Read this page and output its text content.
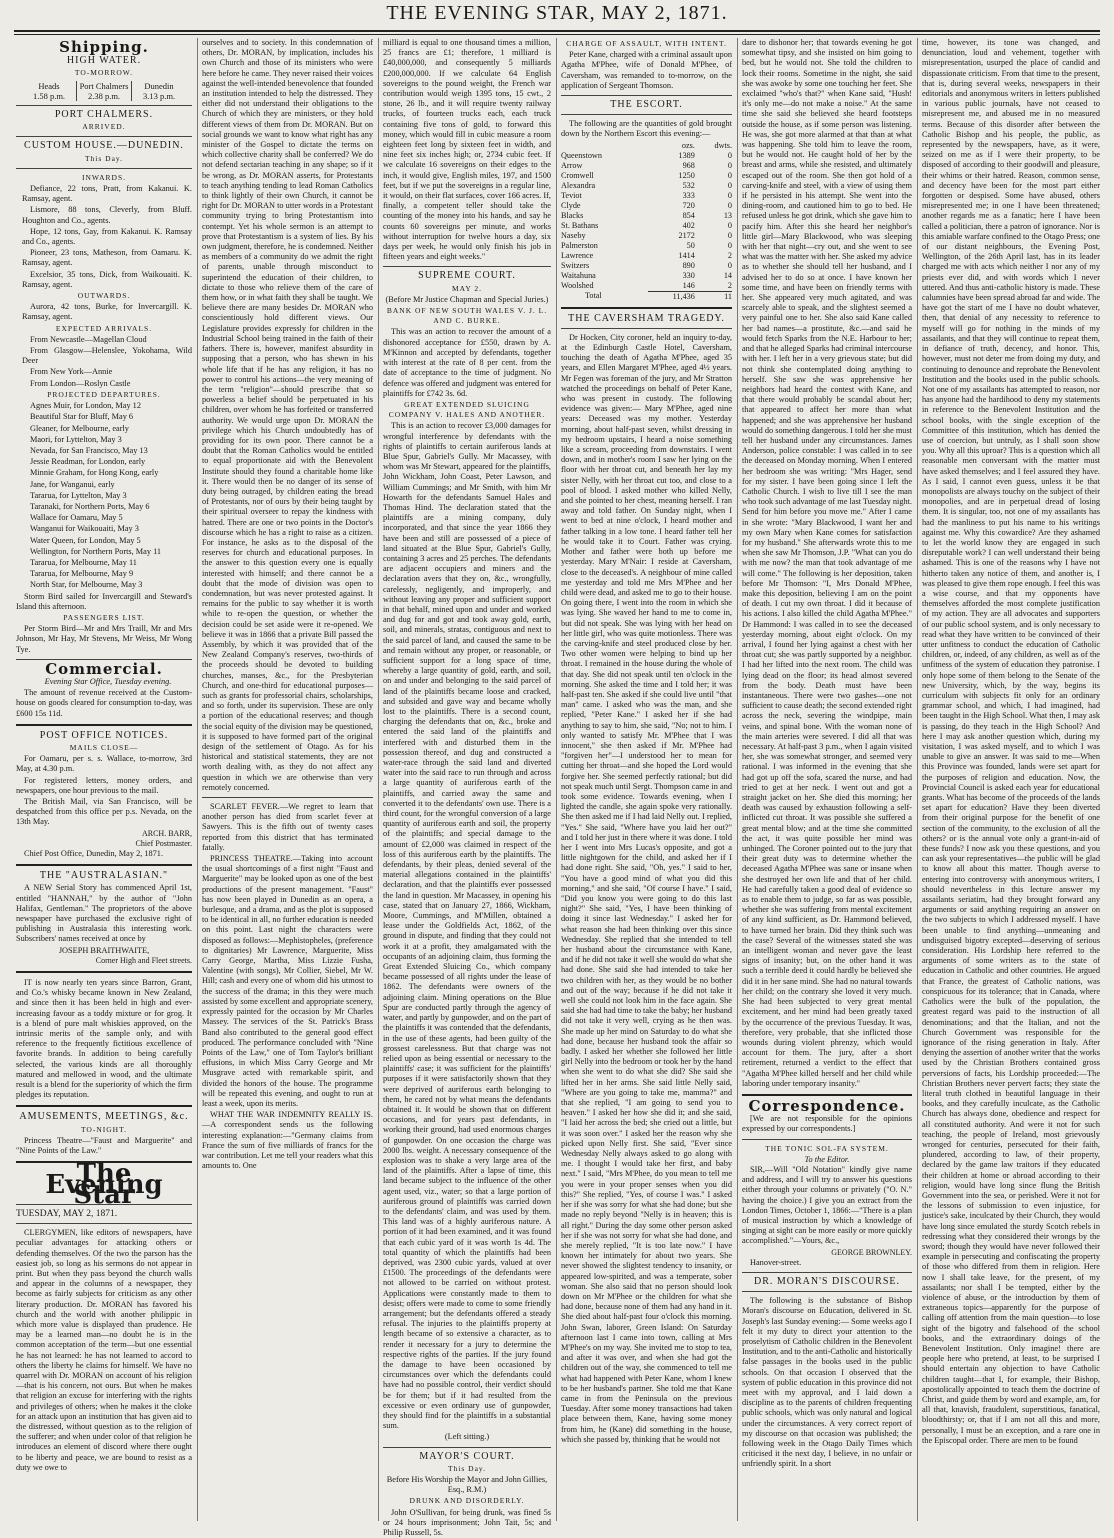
THE EVENING STAR, MAY 2, 1871.
Shipping.
HIGH WATER.
TO-MORROW.
Heads
1.58 p.m.
Port Chalmers
2.38 p.m.
Dunedin
3.13 p.m.
PORT CHALMERS.
ARRIVED.
CUSTOM HOUSE.—DUNEDIN.
This Day.
INWARDS.

Defiance, 22 tons, Pratt, from Kakanui. K. Ramsay, agent.

Lismore, 88 tons, Cleverly, from Bluff. Houghton and Co., agents.

Hope, 12 tons, Gay, from Kakanui. K. Ramsay and Co., agents.

Pioneer, 23 tons, Matheson, from Oamaru. K. Ramsay, agent.

Excelsior, 35 tons, Dick, from Waikouaiti. K. Ramsay, agent.

OUTWARDS.

Aurora, 42 tons, Burke, for Invercargill. K. Ramsay, agent.

EXPECTED ARRIVALS.

From Newcastle—Magellan Cloud

From Glasgow—Helenslee, Yokohama, Wild Deer

From New York—Annie

From London—Roslyn Castle

PROJECTED DEPARTURES.

Agnes Muir, for London, May 12

Beautiful Star for Bluff, May 6

Gleaner, for Melbourne, early

Maori, for Lyttelton, May 3

Nevada, for San Francisco, May 13

Jessie Readman, for London, early

Minnie Graham, for Hong Kong, early

Jane, for Wanganui, early

Tararua, for Lyttelton, May 3

Taranaki, for Northern Ports, May 6

Wallace for Oamaru, May 5

Wanganui for Waikouaiti, May 3

Water Queen, for London, May 5

Wellington, for Northern Ports, May 11

Tararua, for Melbourne, May 11

Tararua, for Melbourne, May 9

North Star, for Melbourne, May 3

Storm Bird sailed for Invercargill and Steward's Island this afternoon.

PASSENGERS LIST.

Per Storm Bird—Mr and Mrs Traill, Mr and Mrs Johnson, Mr Hay, Mr Stevens, Mr Weiss, Mr Wong Tye.

Commercial.

Evening Star Office, Tuesday evening.

The amount of revenue received at the Custom-house on goods cleared for consumption to-day, was £600 15s 11d.

POST OFFICE NOTICES.
MAILS CLOSE—

For Oamaru, per s. s. Wallace, to-morrow, 3rd May, at 4.30 p.m.

For registered letters, money orders, and newspapers, one hour previous to the mail.

The British Mail, via San Francisco, will be despatched from this office per p.s. Nevada, on the 13th May.

ARCH. BARR,
Chief Postmaster.

Chief Post Office, Dunedin, May 2, 1871.

THE "AUSTRALASIAN."

A NEW Serial Story has commenced April 1st, entitled "HANNAH," by the author of "John Halifax, Gentleman." The proprietors of the above newspaper have purchased the exclusive right of publishing in Australasia this interesting work. Subscribers' names received at once by

JOSEPH BRAITHWAITE,
Corner High and Fleet streets.

IT is now nearly ten years since Barron, Grant, and Co.'s whisky became known in New Zealand, and since then it has been held in high and ever-increasing favour as a toddy mixture or for grog. It is a blend of pure malt whiskies approved, on the intrinsic merits of the sample only, and with reference to the frequently fictitious excellence of favorite brands. In addition to being carefully selected, the various kinds are all thoroughly matured and mellowed in wood, and the ultimate result is a blend for the superiority of which the firm pledges its reputation.

AMUSEMENTS, MEETINGS, &c.
TO-NIGHT.

Princess Theatre—"Faust and Marguerite" and "Nine Points of the Law."

The Evening Star
TUESDAY, MAY 2, 1871.

CLERGYMEN, like editors of newspapers, have peculiar advantages for attacking others or defending themselves. Of the two the parson has the easiest job, so long as his sermons do not appear in print. But when they pass beyond the church walls and appear in the columns of a newspaper, they become as fairly subjects for criticism as any other literary production. Dr. MORAN has favored his church and the world with another philippic in which more value is displayed than prudence. He may be a learned man—no doubt he is in the common acceptation of the term—but one essential he has not learned: he has not learned to accord to others the liberty he claims for himself. We have no quarrel with Dr. MORAN on account of his religion—that is his concern, not ours. But when he makes that religion an excuse for interfering with the rights and privileges of others; when he makes it the cloke for an attack upon an institution that has given aid to the distressed, without question as to the religion of the sufferer; and when under color of that religion he introduces an element of discord where there ought to be liberty and peace, we are bound to resist as a duty we owe to

ourselves and to society. In this condemnation of others, Dr. MORAN, by implication, includes his own Church and those of its ministers who were here before he came. They never raised their voices against the well-intended benevolence that founded an institution intended to help the distressed. They either did not understand their obligations to the Church of which they are ministers, or they hold different views of them from Dr. MORAN. But on social grounds we want to know what right has any minister of the Gospel to dictate the terms on which collective charity shall be conferred? We do not defend sectarian teaching in any shape; so if it be wrong, as Dr. MORAN asserts, for Protestants to teach anything tending to lead Roman Catholics to think lightly of their own Church, it cannot be right for Dr. MORAN to utter words in a Protestant community trying to bring Protestantism into contempt. Yet his whole sermon is an attempt to prove that Protestantism is a system of lies. By his own judgment, therefore, he is condemned. Neither as members of a community do we admit the right of parents, unable through misconduct to superintend the education of their children, to dictate to those who relieve them of the care of them how, or in what faith they shall be taught. We believe there are many besides Dr. MORAN who conscientiously hold different views. Our Legislature provides expressly for children in the Industrial School being trained in the faith of their fathers. There is, however, manifest absurdity in supposing that a person, who has shewn in his whole life that if he has any religion, it has no power to control his actions—the very meaning of the term "religion"—should prescribe that so powerless a belief should be perpetuated in his children, over whom he has forfeited or transferred authority. We would urge upon Dr. MORAN the privilege which his Church undoubtedly has of providing for its own poor. There cannot be a doubt that the Roman Catholics would be entitled to equal proportionate aid with the Benevolent Institute should they found a charitable home like it. There would then be no danger of its sense of duty being outraged, by children eating the bread of Protestants, nor of ours by their being taught by their spiritual overseer to repay the kindness with hatred. There are one or two points in the Doctor's discourse which he has a right to raise as a citizen. For instance, he asks as to the disposal of the reserves for church and educational purposes. In the answer to this question every one is equally interested with himself; and there cannot be a doubt that the mode of division was open to condemnation, but was never protested against. It remains for the public to say whether it is worth while to re-open the question, or whether the decision could be set aside were it re-opened. We believe it was in 1866 that a private Bill passed the Assembly, by which it was provided that of the New Zealand Company's reserves, two-thirds of the proceeds should be devoted to building churches, manses, &c., for the Presbyterian Church, and one-third for educational purposes—such as grants for professorial chairs, scholarships, and so forth, under its supervision. These are only a portion of the educational reserves; and though the social equity of the division may be questioned, it is supposed to have formed part of the original design of the settlement of Otago. As for his historical and statistical statements, they are not worth dealing with, as they do not affect any question in which we are otherwise than very remotely concerned.

SCARLET FEVER.—We regret to learn that another person has died from scarlet fever at Sawyers. This is the fifth out of twenty cases reported from this district that has terminated fatally.

PRINCESS THEATRE.—Taking into account the usual shortcomings of a first night "Faust and Marguerite" may be looked upon as one of the best productions of the present management. "Faust" has now been played in Dunedin as an opera, a burlesque, and a drama, and as the plot is supposed to be identical in all, no further education is needed on this point. Last night the characters were disposed as follows:—Mephistopheles, (preference to dignitaries) Mr Lawrence, Marguerite, Miss Carry George, Martha, Miss Lizzie Fusha, Valentine (with songs), Mr Collier, Siebel, Mr W. Hill; cash and every one of whom did his utmost to the success of the drama; in this they were much assisted by some excellent and appropriate scenery, expressly painted for the occasion by Mr Charles Massey. The services of the St. Patrick's Brass Band also contributed to the general good effect produced. The performance concluded with "Nine Points of the Law," one of Tom Taylor's brilliant effusions, in which Miss Carry George and Mr Musgrave acted with remarkable spirit, and divided the honors of the house. The programme will be repeated this evening, and ought to run at least a week, upon its merits.

WHAT THE WAR INDEMNITY REALLY IS.—A correspondent sends us the following interesting explanation:—"Germany claims from France the sum of five milliards of francs for the war contribution. Let me tell your readers what this amounts to. One

milliard is equal to one thousand times a million, 25 francs are £1; therefore, 1 milliard is £40,000,000, and consequently 5 milliards £200,000,000. If we calculate 64 English sovereigns to the pound weight, the French war contribution would weigh 1395 tons, 15 cwt., 2 stone, 26 lb., and it will require twenty railway trucks, of fourteen trucks each, each truck containing five tons of gold, to forward this money, which would fill in cubic measure a room eighteen feet long by sixteen feet in width, and nine feet six inches high; or, 2734 cubic feet. If we calculate 16 sovereigns on their edges to the inch, it would give, English miles, 197, and 1500 feet, but if we put the sovereigns in a regular line, it would, on their flat surfaces, cover 166 acres. If, finally, a competent teller should take the counting of the money into his hands, and say he counts 60 sovereigns per minute, and works without interruption for twelve hours a day, six days per week, he would only finish his job in fifteen years and eight weeks."

SUPREME COURT.
MAY 2.
(Before Mr Justice Chapman and Special Juries.)
BANK OF NEW SOUTH WALES V. J. L. AND C. BURKE.

This was an action to recover the amount of a dishonored acceptance for £550, drawn by A. M'Kinnon and accepted by defendants, together with interest at the rate of 8 per cent. from the date of acceptance to the time of judgment. No defence was offered and judgment was entered for plaintiffs for £742 3s. 6d.

GREAT EXTENDED SLUICING COMPANY V. HALES AND ANOTHER.

This is an action to recover £3,000 damages for wrongful interference by defendants with the rights of plaintiffs to certain auriferous lands at Blue Spur, Gabriel's Gully. Mr Macassey, with whom was Mr Stewart, appeared for the plaintiffs, John Wickham, John Coast, Peter Lawson, and William Cummings; and Mr Smith, with him Mr Howarth for the defendants Samuel Hales and Thomas Hind. The declaration stated that the plaintiffs are a mining company, duly incorporated, and that since the year 1866 they have been and still are possessed of a piece of land situated at the Blue Spur, Gabriel's Gully, containing 3 acres and 25 perches. The defendants are adjacent occupiers and miners and the declaration avers that they on, &c., wrongfully, carelessly, negligently, and improperly, and without leaving any proper and sufficient support in that behalf, mined upon and under and worked and dug for and got and took away gold, earth, soil, and minerals, stratas, contiguous and next to the said parcel of land, and caused the same to be and remain without any proper, or reasonable, or sufficient support for a long space of time, whereby a large quantity of gold, earth, and soil, on and under and belonging to the said parcel of land of the plaintiffs became loose and cracked, and subsided and gave way and became wholly lost to the plaintiffs. There is a second count, charging the defendants that on, &c., broke and entered the said land of the plaintiffs and interfered with and disturbed them in the possession thereof, and dug and constructed a water-race through the said land and diverted water into the said race to run through and across a large quantity of auriferous earth of the plaintiffs, and carried away the same and converted it to the defendants' own use. There is a third count, for the wrongful conversion of a large quantity of auriferous earth and soil, the property of the plaintiffs; and special damage to the amount of £2,000 was claimed in respect of the loss of this auriferous earth by the plaintiffs. The defendants, by their pleas, denied several of the material allegations contained in the plaintiffs' declaration, and that the plaintiffs ever possessed the land in question. Mr Macassey, in opening his case, stated that on January 27, 1866, Wickham, Moore, Cummings, and M'Millen, obtained a lease under the Goldfields Act, 1862, of the ground in dispute, and finding that they could not work it at a profit, they amalgamated with the occupants of an adjoining claim, thus forming the Great Extended Sluicing Co., which company became possessed of all rights under the lease of 1862. The defendants were owners of the adjoining claim. Mining operations on the Blue Spur are conducted partly through the agency of water, and partly by gunpowder, and on the part of the plaintiffs it was contended that the defendants, in the use of these agents, had been guilty of the grossest carelessness. But that charge was not relied upon as being essential or necessary to the plaintiffs' case; it was sufficient for the plaintiffs' purposes if it were satisfactorily shown that they were deprived of auriferous earth belonging to them, he cared not by what means the defendants obtained it. It would be shown that on different occasions, and for years past defendants, in working their ground, had used enormous charges of gunpowder. On one occasion the charge was 2000 lbs. weight. A necessary consequence of the explosion was to shake a very large area of the land of the plaintiffs. After a lapse of time, this land became subject to the influence of the other agent used, viz., water; so that a large portion of auriferous ground of plaintiffs was carried down to the defendants' claim, and was used by them. This land was of a highly auriferous nature. A portion of it had been examined, and it was found that each cubic yard of it was worth 1s 4d. The total quantity of which the plaintiffs had been deprived, was 2300 cubic yards, valued at over £1500. The proceedings of the defendants were not allowed to be carried on without protest. Applications were constantly made to them to desist; offers were made to come to some friendly arrangement; but the defendants offered a steady refusal. The injuries to the plaintiffs property at length became of so extensive a character, as to render it necessary for a jury to determine the respective rights of the parties. If the jury found the damage to have been occasioned by circumstances over which the defendants could have had no possible control, their verdict should be for them; but if it had resulted from the excessive or even ordinary use of gunpowder, they should find for the plaintiffs in a substantial sum.

(Left sitting.)
MAYOR'S COURT.
This Day.
Before His Worship the Mayor and John Gillies, Esq., R.M.)
DRUNK AND DISORDERLY.

John O'Sullivan, for being drunk, was fined 5s or 24 hours imprisonment; John Tait, 5s; and Philip Russell, 5s.

CHARGE OF ASSAULT, WITH INTENT.

Peter Kane, charged with a criminal assault upon Agatha M'Phee, wife of Donald M'Phee, of Caversham, was remanded to to-morrow, on the application of Sergeant Thomson.

THE ESCORT.

The following are the quantities of gold brought down by the Northern Escort this evening:—

	ozs.	dwts.
Queenstown	1389	0
Arrow	968	0
Cromwell	1250	0
Alexandra	532	0
Teviot	333	0
Clyde	720	0
Blacks	854	13
St. Bathans	402	0
Naseby	2172	0
Palmerston	50	0
Lawrence	1414	2
Switzers	890	0
Waitahuna	330	14
Woolshed	146	2
Total	11,436	11
THE CAVERSHAM TRAGEDY.

Dr Hocken, City coroner, held an inquiry to-day, at the Edinburgh Castle Hotel, Caversham, touching the death of Agatha M'Phee, aged 35 years, and Ellen Margaret M'Phee, aged 4½ years. Mr Fegen was foreman of the jury, and Mr Stratton watched the proceedings on behalf of Peter Kane, who was present in custody. The following evidence was given:— Mary M'Phee, aged nine years: Deceased was my mother. Yesterday morning, about half-past seven, whilst dressing in my bedroom upstairs, I heard a noise something like a scream, proceeding from downstairs. I went down, and in mother's room I saw her lying on the floor with her throat cut, and beneath her lay my sister Nelly, with her throat cut too, and close to a pool of blood. I asked mother who killed Nelly, and she pointed to her chest, meaning herself. I ran away and told father. On Sunday night, when I went to bed at nine o'clock, I heard mother and father talking in a low tone. I heard father tell her he would take it to Court. Father was crying. Mother and father were both up before me yesterday. Mary M'Nair: I reside at Caversham, close to the deceased's. A neighbour of mine called me yesterday and told me Mrs M'Phee and her child were dead, and asked me to go to their house. On going there, I went into the room in which she was lying. She waved her hand to me to come in, but did not speak. She was lying with her head on her little girl, who was quite motionless. There was the carving-knife and steel produced close by her. Two other women were helping to bind up her throat. I remained in the house during the whole of that day. She did not speak until ten o'clock in the morning. She asked the time and I told her; it was half-past ten. She asked if she could live until "that man" came. I asked who was the man, and she replied, "Peter Kane." I asked her if she had anything to say to him, she said, "No; not to him. I only wanted to satisfy Mr. M'Phee that I was innocent," she then asked if Mr. M'Phee had "forgiven her"—I understood her to mean for cutting her throat—and she hoped the Lord would forgive her. She seemed perfectly rational; but did not speak much until Sergt. Thompson came in and took some evidence. Towards evening, when I lighted the candle, she again spoke very rationally. She then asked me if I had laid Nelly out. I replied, "Yes." She said, "Where have you laid her out?" and I told her just in there where it was done. I told her I went into Mrs Lucas's opposite, and got a little nightgown for the child, and asked her if I had done right. She said, "Oh, yes." I said to her, "You have a good mind of what you did this morning," and she said, "Of course I have." I said, "Did you know you were going to do this last night?" She said, "Yes, I have been thinking of doing it since last Wednesday." I asked her for what reason she had been thinking over this since Wednesday. She replied that she intended to tell her husband about the circumstance with Kane, and if he did not take it well she would do what she had done. She said she had intended to take her two children with her, as they would be no bother and out of the way; because if he did not take it well she could not look him in the face again. She said she had had time to take the baby; her husband did not take it very well, crying as he then was. She made up her mind on Saturday to do what she had done, because her husband took the affair so badly. I asked her whether she followed her little girl Nelly into the bedroom or took her by the hand when she went to do what she did? She said she lifted her in her arms. She said little Nelly said, "Where are you going to take me, mamma?" and that she replied, "I am going to send you to heaven." I asked her how she did it; and she said, "I laid her across the bed; she cried out a little, but it was soon over." I asked her the reason why she picked upon Nelly first. She said, "Ever since Wednesday Nelly always asked to go along with me. I thought I would take her first, and baby next." I said, "Mrs M'Phee, do you mean to tell me you were in your proper senses when you did this?" She replied, "Yes, of course I was." I asked her if she was sorry for what she had done; but she made no reply beyond "Nelly is in heaven; this is all right." During the day some other person asked her if she was not sorry for what she had done, and she merely replied, "It is too late now." I have known her intimately for about two years. She never showed the slightest tendency to insanity, or appeared low-spirited, and was a temperate, sober woman. She also said that no person should look down on Mr M'Phee or the children for what she had done, because none of them had any hand in it. She died about half-past four o'clock this morning. John Swan, laborer, Green Island: On Saturday afternoon last I came into town, calling at Mrs M'Phee's on my way. She invited me to stop to tea, and after it was over, and when she had got the children out of the way, she commenced to tell me what had happened with Peter Kane, whom I knew to be her husband's partner. She told me that Kane came in from the Peninsula on the previous Tuesday. After some money transactions had taken place between them, Kane, having some money from him, he (Kane) did something in the house, which she passed by, thinking that he would not

dare to dishonor her; that towards evening he got somewhat tipsy, and she insisted on him going to bed, but he would not. She told the children to lock their rooms. Sometime in the night, she said she was awoke by some one touching her feet. She exclaimed "who's that?" when Kane said, "Hush! it's only me—do not make a noise." At the same time she said she believed she heard footsteps outside the house, as if some person was listening. He was, she got more alarmed at that than at what was happening. She told him to leave the room, but he would not. He caught hold of her by the breast and arms, while she resisted, and ultimately escaped out of the room. She then got hold of a carving-knife and steel, with a view of using them if he persisted in his attempt. She went into the dining-room, and cautioned him to go to bed. He refused unless he got drink, which she gave him to pacify him. After this she heard her neighbor's little girl—Mary Blackwood, who was sleeping with her that night—cry out, and she went to see what was the matter with her. She asked my advice as to whether she should tell her husband, and I advised her to do so at once. I have known her some time, and have been on friendly terms with her. She appeared very much agitated, and was scarcely able to speak, and the slightest seemed a very painful one to her. She also said Kane called her bad names—a prostitute, &c.—and said he would fetch Sparks from the N.E. Harbour to her; and that he alleged Sparks had criminal intercourse with her. I left her in a very grievous state; but did not think she contemplated doing anything to herself. She saw she was apprehensive her neighbors had heard the contest with Kane, and that there would probably be scandal about her; that appeared to affect her more than what happened; and she was apprehensive her husband would do something dangerous. I told her she must tell her husband under any circumstances. James Anderson, police constable: I was called in to see the deceased on Monday morning. When I entered her bedroom she was writing: "Mrs Hager, send for my sister. I have been going since I left the Catholic Church. I wish to live till I see the man who took such advantage of me last Tuesday night. Send for him before you move me." After I came in she wrote: "Mary Blackwood, I want her and my own Mary when Kane comes for satisfaction for my husband." She afterwards wrote this to me when she saw Mr Thomson, J.P. "What can you do with me now? the man that took advantage of me will come." The following is her deposition, taken before Mr Thomson: "I, Mrs Donald M'Phee, make this deposition, believing I am on the point of death. I cut my own throat. I did it because of his actions. I also killed the child Agatha M'Phee." Dr Hammond: I was called in to see the deceased yesterday morning, about eight o'clock. On my arrival, I found her lying against a chest with her throat cut; she was partly supported by a neighbor. I had her lifted into the next room. The child was lying dead on the floor; its head almost severed from the body. Death must have been instantaneous. There were two gashes—one not sufficient to cause death; the second extended right across the neck, severing the windpipe, main veins, and spinal bone. With the woman none of the main arteries were severed. I did all that was necessary. At half-past 3 p.m., when I again visited her, she was somewhat stronger, and seemed very rational. I was informed in the evening that she had got up off the sofa, scared the nurse, and had tried to get at her neck. I went out and got a straight jacket on her. She died this morning; her death was caused by exhaustion following a self-inflicted cut throat. It was possible she suffered a great mental blow; and at the time she committed the act, it was quite possible her mind was unhinged. The Coroner pointed out to the jury that their great duty was to determine whether the deceased Agatha M'Phee was sane or insane when she destroyed her own life and that of her child. He had carefully taken a good deal of evidence so as to enable them to judge, so far as was possible, whether she was suffering from mental excitement of any kind sufficient, as Dr. Hammond believed, to have turned her brain. Did they think such was the case? Several of the witnesses stated she was an intelligent woman and never gave the least signs of insanity; but, on the other hand it was such a terrible deed it could hardly be believed she did it in her sane mind. She had no natural towards her child; on the contrary she loved it very much. She had been subjected to very great mental excitement, and her mind had been greatly taxed by the occurrence of the previous Tuesday. It was, therefore, very probable, that she inflicted those wounds during violent phrenzy, which would account for them. The jury, after a short retirement, returned a verdict to the effect that "Agatha M'Phee killed herself and her child while laboring under temporary insanity."

Correspondence.

[We are not responsible for the opinions expressed by our correspondents.]

THE TONIC SOL-FA SYSTEM.
To the Editor.

SIR,—Will "Old Notation" kindly give name and address, and I will try to answer his questions either through your columns or privately ("O. N." having the choice.) I give you an extract from the London Times, October 1, 1866:—"There is a plan of musical instruction by which a knowledge of singing at sight can be more easily or more quickly accomplished."—Yours, &c.,

GEORGE BROWNLEY.

Hanover-street.

DR. MORAN'S DISCOURSE.

The following is the substance of Bishop Moran's discourse on Education, delivered in St. Joseph's last Sunday evening:— Some weeks ago I felt it my duty to direct your attention to the proselytism of Catholic children in the Benevolent Institution, and to the anti-Catholic and historically false passages in the books used in the public schools. On that occasion I observed that the system of public education in this province did not meet with my approval, and I laid down a discipline as to the parents of children frequenting public schools, which was only natural and logical under the circumstances. A very correct report of my discourse on that occasion was published; the following week in the Otago Daily Times which criticised it the next day, I believe, in no unfair or unfriendly spirit. In a short

time, however, its tone was changed, and denunciation, loud and vehement, together with misrepresentation, usurped the place of candid and dispassionate criticism. From that time to the present, that is, during several weeks, newspapers in their editorials and anonymous writers in letters published in various public journals, have not ceased to misrepresent me, and abused me in no measured terms. Because of this disorder after between the Catholic Bishop and his people, the public, as represented by the newspapers, have, as it were, seized on me as if I were their property, to be disposed of according to their goodwill and pleasure, their whims or their hatred. Reason, common sense, and decency have been for the most part either forgotten or despised. Some have abused, others misrepresented me; in one I have been threatened; another regards me as a fanatic; here I have been called a politician, there a patron of ignorance. Nor is this amiable warfare confined to the Otago Press; one of our distant neighbours, the Evening Post, Wellington, of the 26th April last, has in its leader charged me with acts which neither I nor any of my priests ever did, and with words which I never uttered. And thus anti-catholic history is made. These calumnies have been spread abroad far and wide. The have got the start of me I have no doubt whatever, then, that denial of any necessity to reference to myself will go for nothing in the minds of my assailants, and that they will continue to repeat them, in defiance of truth, decency, and honor. This, however, must not deter me from doing my duty, and continuing to denounce and reprobate the Benevolent Institution and the books used in the public schools. Not one of my assailants has attempted to reason, nor has anyone had the hardihood to deny my statements in reference to the Benevolent Institution and the school books, with the single exception of the Committee of this institution, which has denied the use of coercion, but untruly, as I shall soon show you. Why all this uproar? This is a question which all reasonable men conversant with the matter must have asked themselves; and I feel assured they have. As I said, I cannot even guess, unless it be that monopolists are always touchy on the subject of their monopolies, and are in perpetual dread of losing them. It is singular, too, not one of my assailants has had the manliness to put his name to his writings against me. Why this cowardice? Are they ashamed to let the world know they are engaged in such disreputable work? I can well understand their being ashamed. This is one of the reasons why I have not hitherto taken any notice of them, and another is, I was pleased to give them rope enough. I feel this was a wise course, and that my opponents have themselves afforded the most complete justification of my action. They are all advocates and supporters of our public school system, and is only necessary to read what they have written to be convinced of their utter unfitness to conduct the education of Catholic children, or, indeed, of any children, as well as of the unfitness of the system of education they patronise. I only hope some of them belong to the Senate of the new University, which, by the way, begins its curriculum with subjects fit only for an ordinary grammar school, and which, I had imagined, had been taught in the High School. What then, I may ask is passing, do they teach in the High School? And here I may ask another question which, during my visitation, I was asked myself, and to which I was unable to give an answer. It was said to me—When this Province was founded, lands were set apart for the purposes of religion and education. Now, the Provincial Council is asked each year for educational grants. What has become of the proceeds of the lands set apart for education? Have they been diverted from their original purpose for the benefit of one section of the community, to the exclusion of all the others? or is the annual vote only a grant-in-aid of these funds? I now ask you these questions, and you can ask your representatives—the public will be glad to know all about this matter. Though averse to entering into controversy with anonymous writers, I should nevertheless in this lecture answer my assailants seriatim, had they brought forward any arguments or said anything requiring an answer on the two subjects to which I addressed myself. I have been unable to find anything—unmeaning and undisguised bigotry excepted—deserving of serious consideration. His Lordship here referred to the arguments of some writers as to the state of education in Catholic and other countries. He argued that France, the greatest of Catholic nations, was conspicuous for its tolerance; that in Canada, where Catholics were the bulk of the population, the greatest regard was paid to the instruction of all denominations; and that the Italian, and not the Church Government was responsible for the ignorance of the rising generation in Italy. After denying the assertion of another writer that the works used by the Christian Brothers contained gross perversions of facts, his Lordship proceeded:—The Christian Brothers never pervert facts; they state the literal truth clothed in beautiful language in their books, and they carefully inculcate, as the Catholic Church has always done, obedience and respect for all constituted authority. And were it not for such teaching, the people of Ireland, most grievously wronged for centuries, persecuted for their faith, plundered, according to law, of their property, declared by the game law traitors if they educated their children at home or abroad according to their religion, would have long since flung the British Government into the sea, or perished. Were it not for the lessons of submission to even injustice, for justice's sake, inculcated by their Church, they would have long since emulated the sturdy Scotch rebels in redressing what they considered their wrongs by the sword; though they would have never followed their example in persecuting and confiscating the property of those who differed from them in religion. Here now I shall take leave, for the present, of my assailants; nor shall I be tempted, either by the violence of abuse, or the introduction by them of extraneous topics—apparently for the purpose of calling off attention from the main question—to lose sight of the bigotry and falsehood of the school books, and the extraordinary doings of the Benevolent Institution. Only imagine! there are people here who pretend, at least, to be surprised I should entertain any objection to have Catholic children taught—that I, for example, their Bishop, apostolically appointed to teach them the doctrine of Christ, and guide them by word and example, am, for all that, knavish, fraudulent, superstitious, fanatical, bloodthirsty; or, that if I am not all this and more, personally, I must be an exception, and a rare one in the Episcopal order. There are men to be found
